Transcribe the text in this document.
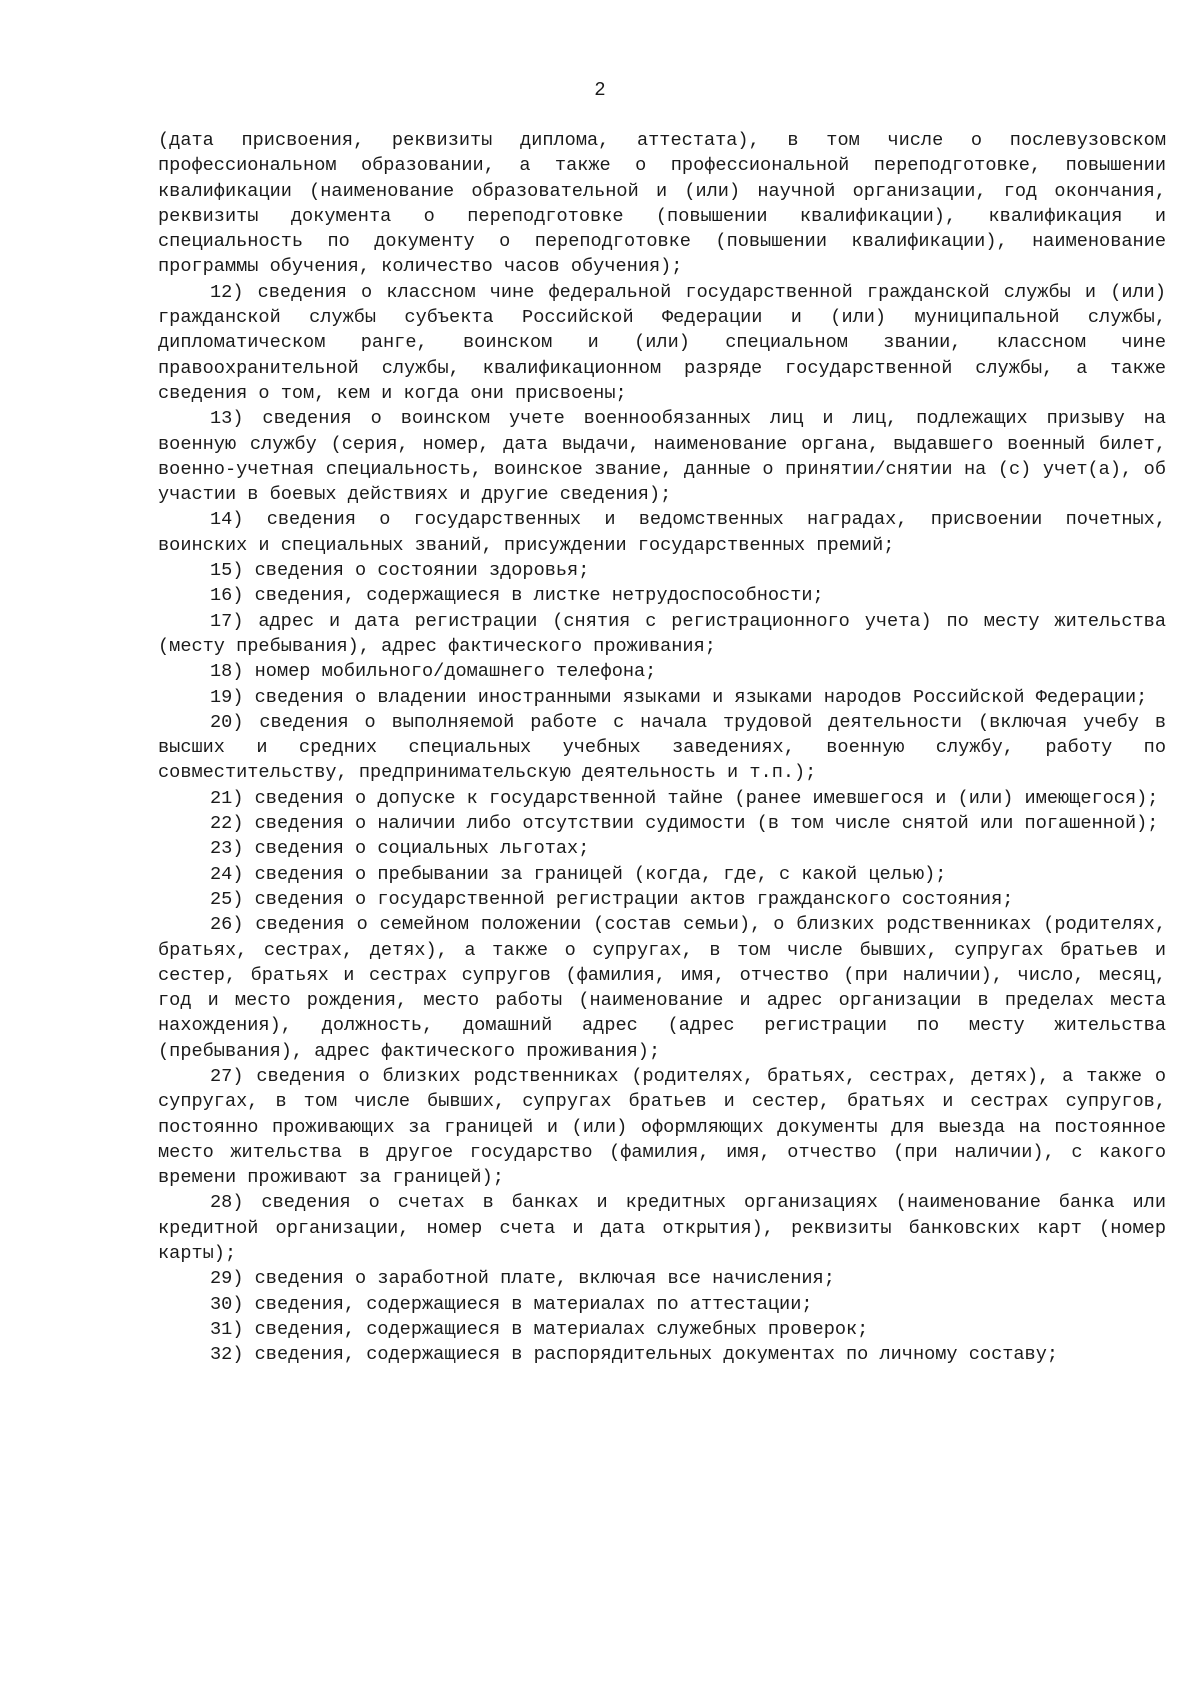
2

(дата присвоения, реквизиты диплома, аттестата), в том числе о послевузовском профессиональном образовании, а также о профессиональной переподготовке, повышении квалификации (наименование образовательной и (или) научной организации, год окончания, реквизиты документа о переподготовке (повышении квалификации), квалификация и специальность по документу о переподготовке (повышении квалификации), наименование программы обучения, количество часов обучения);

12) сведения о классном чине федеральной государственной гражданской службы и (или) гражданской службы субъекта Российской Федерации и (или) муниципальной службы, дипломатическом ранге, воинском и (или) специальном звании, классном чине правоохранительной службы, квалификационном разряде государственной службы, а также сведения о том, кем и когда они присвоены;

13) сведения о воинском учете военнообязанных лиц и лиц, подлежащих призыву на военную службу (серия, номер, дата выдачи, наименование органа, выдавшего военный билет, военно-учетная специальность, воинское звание, данные о принятии/снятии на (с) учет(а), об участии в боевых действиях и другие сведения);

14) сведения о государственных и ведомственных наградах, присвоении почетных, воинских и специальных званий, присуждении государственных премий;

15) сведения о состоянии здоровья;

16) сведения, содержащиеся в листке нетрудоспособности;

17) адрес и дата регистрации (снятия с регистрационного учета) по месту жительства (месту пребывания), адрес фактического проживания;

18) номер мобильного/домашнего телефона;

19) сведения о владении иностранными языками и языками народов Российской Федерации;

20) сведения о выполняемой работе с начала трудовой деятельности (включая учебу в высших и средних специальных учебных заведениях, военную службу, работу по совместительству, предпринимательскую деятельность и т.п.);

21) сведения о допуске к государственной тайне (ранее имевшегося и (или) имеющегося);

22) сведения о наличии либо отсутствии судимости (в том числе снятой или погашенной);

23) сведения о социальных льготах;

24) сведения о пребывании за границей (когда, где, с какой целью);

25) сведения о государственной регистрации актов гражданского состояния;

26) сведения о семейном положении (состав семьи), о близких родственниках (родителях, братьях, сестрах, детях), а также о супругах, в том числе бывших, супругах братьев и сестер, братьях и сестрах супругов (фамилия, имя, отчество (при наличии), число, месяц, год и место рождения, место работы (наименование и адрес организации в пределах места нахождения), должность, домашний адрес (адрес регистрации по месту жительства (пребывания), адрес фактического проживания);

27) сведения о близких родственниках (родителях, братьях, сестрах, детях), а также о супругах, в том числе бывших, супругах братьев и сестер, братьях и сестрах супругов, постоянно проживающих за границей и (или) оформляющих документы для выезда на постоянное место жительства в другое государство (фамилия, имя, отчество (при наличии), с какого времени проживают за границей);

28) сведения о счетах в банках и кредитных организациях (наименование банка или кредитной организации, номер счета и дата открытия), реквизиты банковских карт (номер карты);

29) сведения о заработной плате, включая все начисления;

30) сведения, содержащиеся в материалах по аттестации;

31) сведения, содержащиеся в материалах служебных проверок;

32) сведения, содержащиеся в распорядительных документах по личному составу;
